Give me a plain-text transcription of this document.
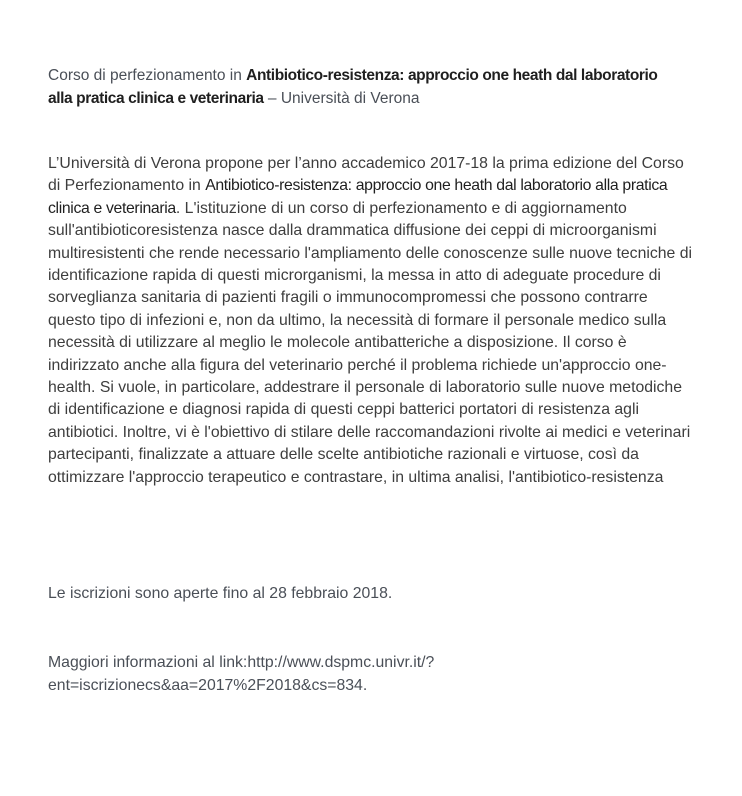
Corso di perfezionamento in Antibiotico-resistenza: approccio one heath dal laboratorio
alla pratica clinica e veterinaria – Università di Verona
L’Università di Verona propone per l’anno accademico 2017-18 la prima edizione del Corso di Perfezionamento in Antibiotico-resistenza: approccio one heath dal laboratorio alla pratica clinica e veterinaria. L'istituzione di un corso di perfezionamento e di aggiornamento sull'antibioticoresistenza nasce dalla drammatica diffusione dei ceppi di microorganismi multiresistenti che rende necessario l'ampliamento delle conoscenze sulle nuove tecniche di identificazione rapida di questi microrganismi, la messa in atto di adeguate procedure di sorveglianza sanitaria di pazienti fragili o immunocompromessi che possono contrarre questo tipo di infezioni e, non da ultimo, la necessità di formare il personale medico sulla necessità di utilizzare al meglio le molecole antibatteriche a disposizione. Il corso è indirizzato anche alla figura del veterinario perché il problema richiede un'approccio one-health. Si vuole, in particolare, addestrare il personale di laboratorio sulle nuove metodiche di identificazione e diagnosi rapida di questi ceppi batterici portatori di resistenza agli antibiotici. Inoltre, vi è l'obiettivo di stilare delle raccomandazioni rivolte ai medici e veterinari partecipanti, finalizzate a attuare delle scelte antibiotiche razionali e virtuose, così da ottimizzare l'approccio terapeutico e contrastare, in ultima analisi, l'antibiotico-resistenza
Le iscrizioni sono aperte fino al 28 febbraio 2018.
Maggiori informazioni al link:http://www.dspmc.univr.it/?
ent=iscrizionecs&aa=2017%2F2018&cs=834.
